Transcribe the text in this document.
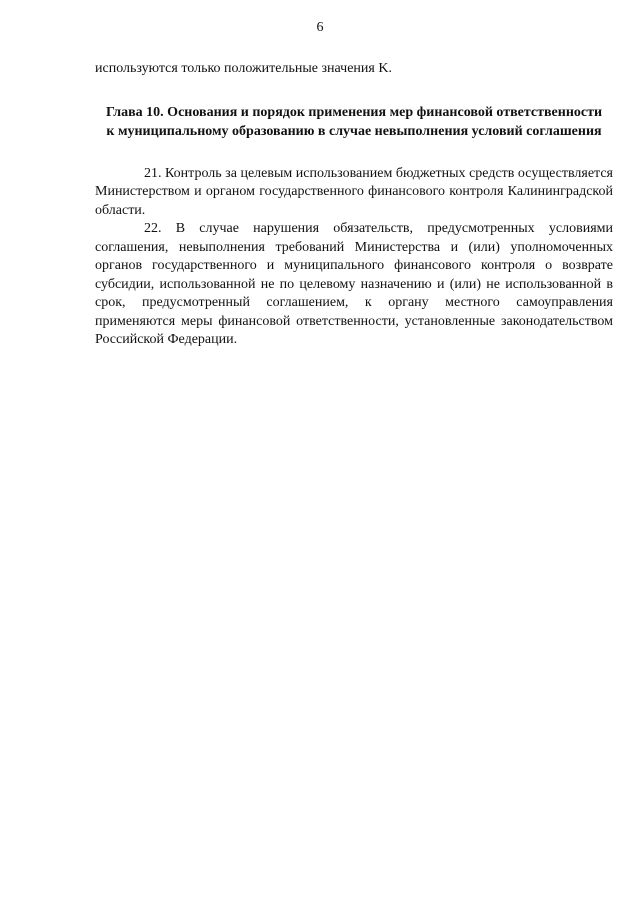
6

используются только положительные значения K.

Глава 10. Основания и порядок применения мер финансовой ответственности к муниципальному образованию в случае невыполнения условий соглашения

21. Контроль за целевым использованием бюджетных средств осуществляется Министерством и органом государственного финансового контроля Калининградской области.

22. В случае нарушения обязательств, предусмотренных условиями соглашения, невыполнения требований Министерства и (или) уполномоченных органов государственного и муниципального финансового контроля о возврате субсидии, использованной не по целевому назначению и (или) не использованной в срок, предусмотренный соглашением, к органу местного самоуправления применяются меры финансовой ответственности, установленные законодательством Российской Федерации.
